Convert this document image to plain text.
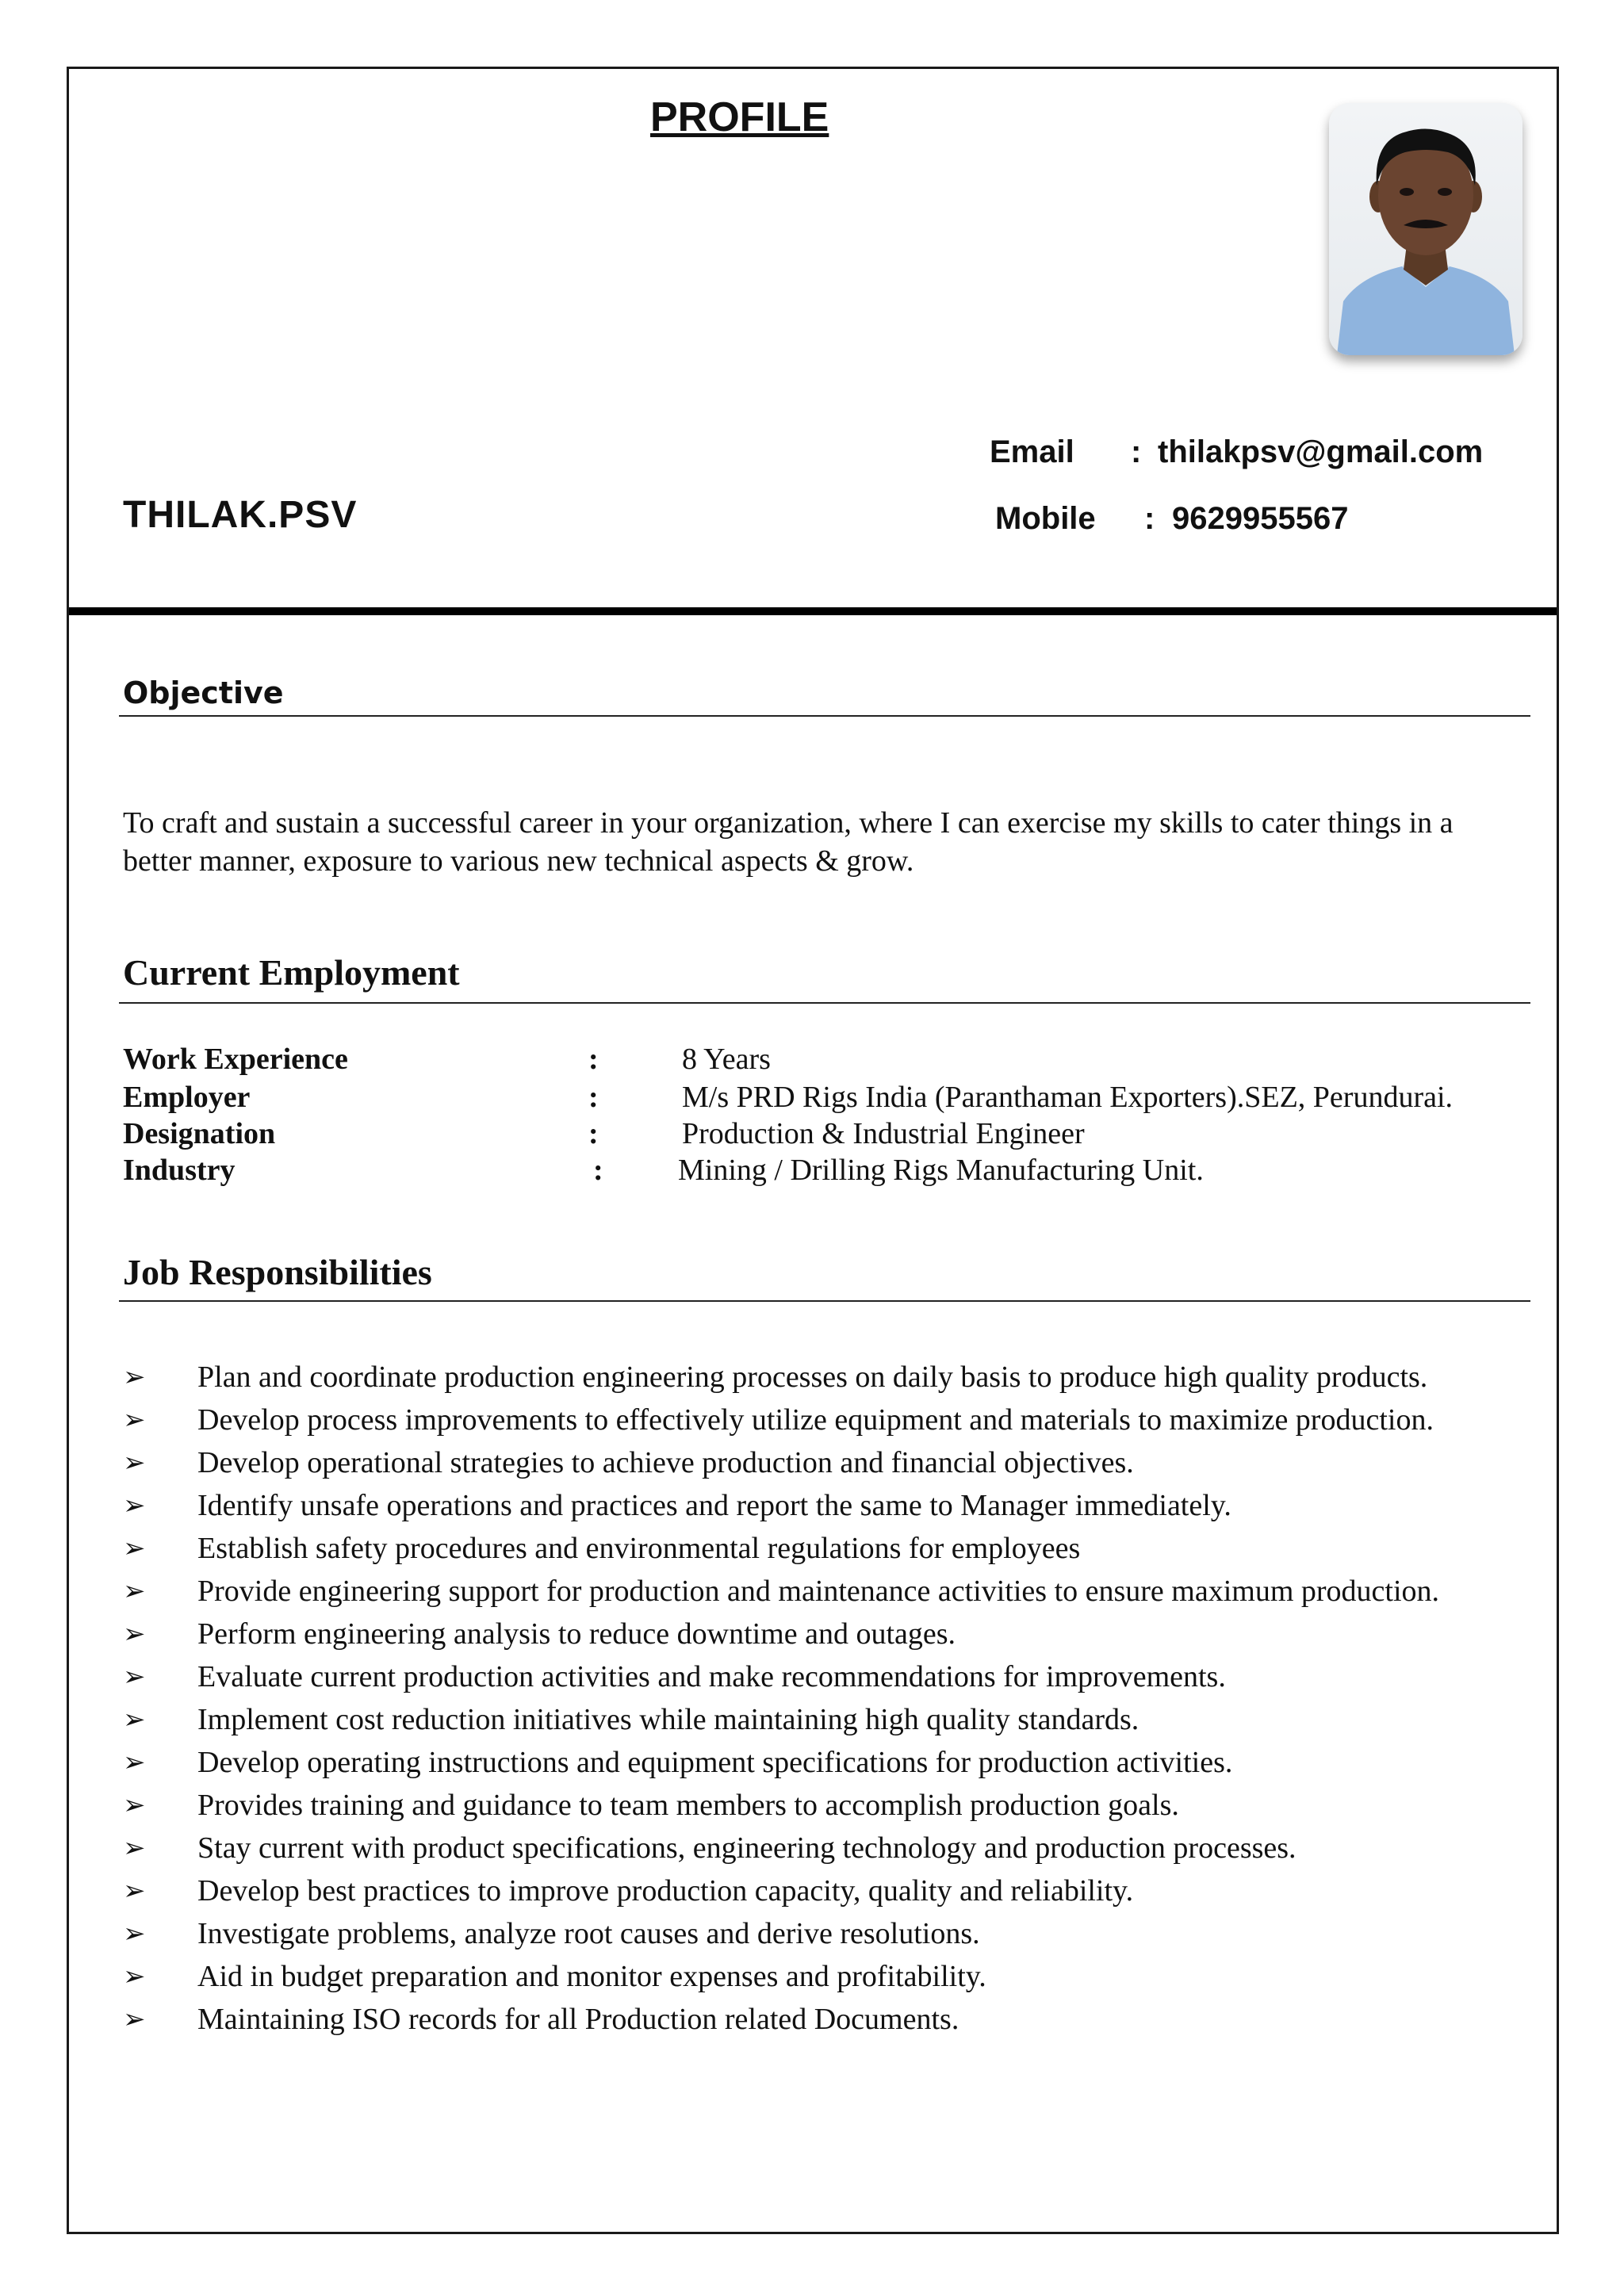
PROFILE
Email : thilakpsv@gmail.com
Mobile : 9629955567
THILAK.PSV
Objective
To craft and sustain a successful career in your organization, where I can exercise my skills to cater things in a better manner, exposure to various new technical aspects & grow.
Current Employment
Work Experience	:	8 Years
Employer	:	M/s PRD Rigs India (Paranthaman Exporters).SEZ, Perundurai.
Designation	:	Production & Industrial Engineer
Industry	: Mining / Drilling Rigs Manufacturing Unit.
Job Responsibilities
➢ Plan and coordinate production engineering processes on daily basis to produce high quality products.
➢ Develop process improvements to effectively utilize equipment and materials to maximize production.
➢ Develop operational strategies to achieve production and financial objectives.
➢ Identify unsafe operations and practices and report the same to Manager immediately.
➢ Establish safety procedures and environmental regulations for employees
➢ Provide engineering support for production and maintenance activities to ensure maximum production.
➢ Perform engineering analysis to reduce downtime and outages.
➢ Evaluate current production activities and make recommendations for improvements.
➢ Implement cost reduction initiatives while maintaining high quality standards.
➢ Develop operating instructions and equipment specifications for production activities.
➢ Provides training and guidance to team members to accomplish production goals.
➢ Stay current with product specifications, engineering technology and production processes.
➢ Develop best practices to improve production capacity, quality and reliability.
➢ Investigate problems, analyze root causes and derive resolutions.
➢ Aid in budget preparation and monitor expenses and profitability.
➢ Maintaining ISO records for all Production related Documents.
